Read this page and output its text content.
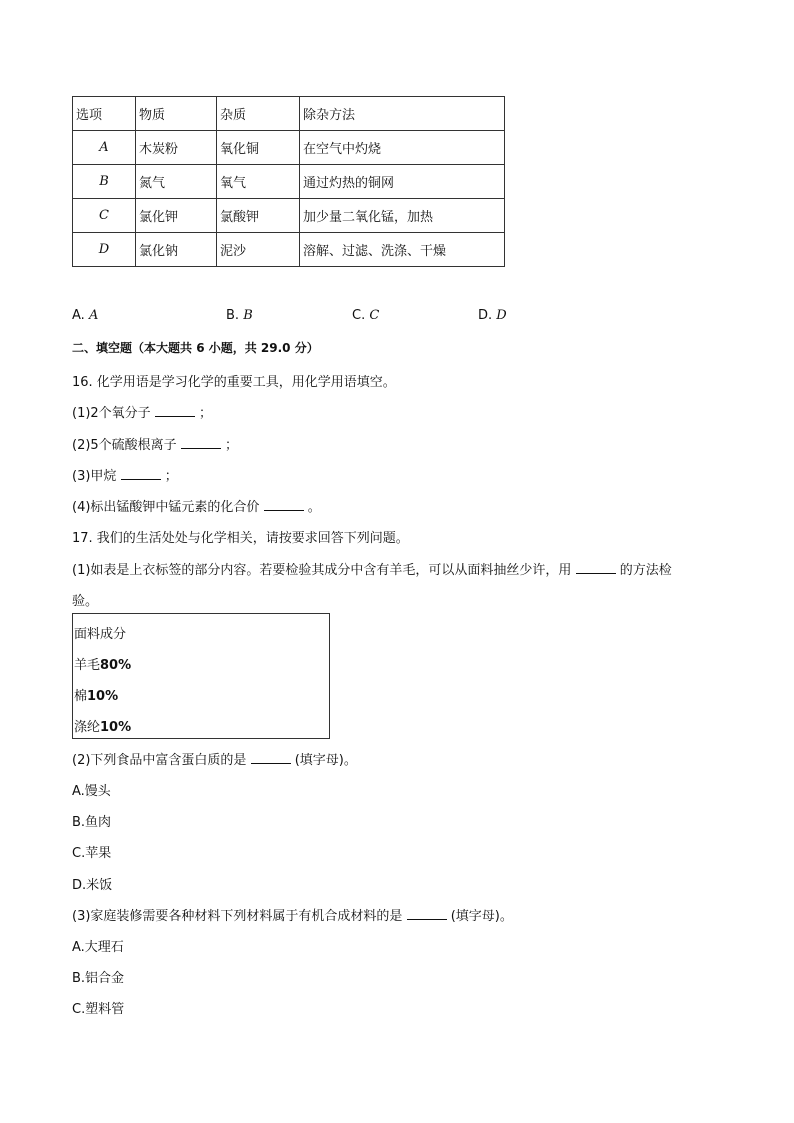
选项	物质	杂质	除杂方法
A	木炭粉	氧化铜	在空气中灼烧
B	氮气	氧气	通过灼热的铜网
C	氯化钾	氯酸钾	加少量二氧化锰，加热
D	氯化钠	泥沙	溶解、过滤、洗涤、干燥
A. A	B. B	C. C	D. D
二、填空题（本大题共 6 小题，共 29.0 分）
16. 化学用语是学习化学的重要工具，用化学用语填空。
(1)2个氧分子	；
(2)5个硫酸根离子	；
(3)甲烷	；
(4)标出锰酸钾中锰元素的化合价	。
17. 我们的生活处处与化学相关，请按要求回答下列问题。
(1)如表是上衣标签的部分内容。若要检验其成分中含有羊毛，可以从面料抽丝少许，用	的方法检
验。
面料成分
羊毛80%
棉10%
涤纶10%
(2)下列食品中富含蛋白质的是	(填字母)。
A.馒头
B.鱼肉
C.苹果
D.米饭
(3)家庭装修需要各种材料下列材料属于有机合成材料的是	(填字母)。
A.大理石
B.铝合金
C.塑料管
